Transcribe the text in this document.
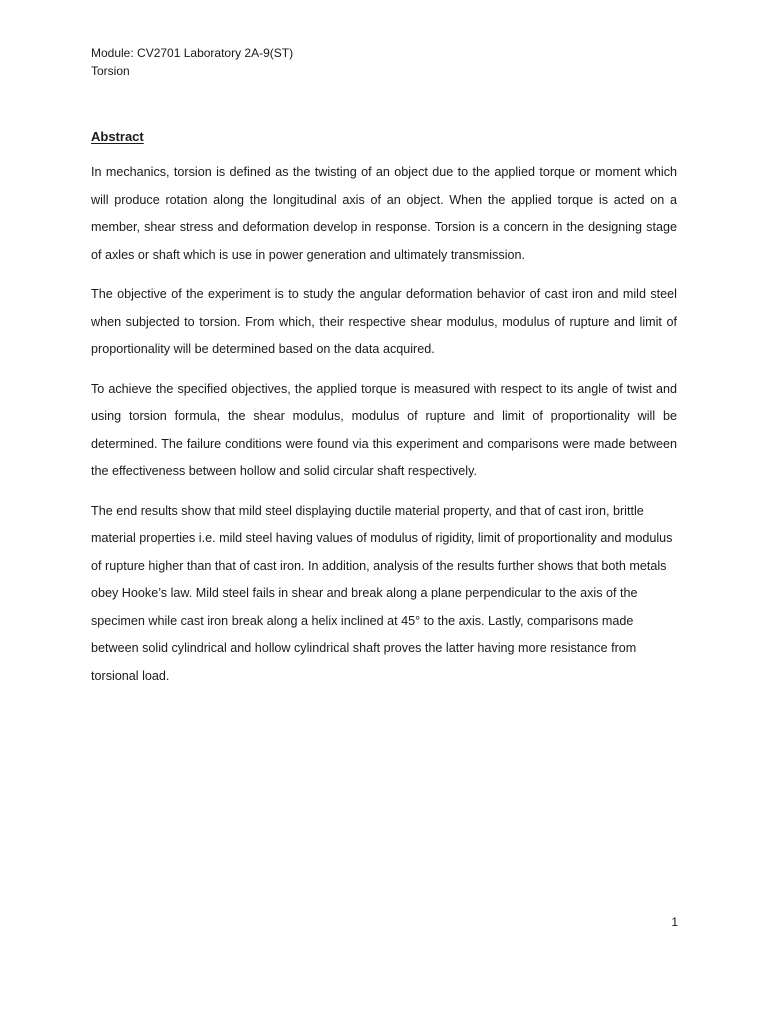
Module: CV2701 Laboratory 2A-9(ST)
Torsion
Abstract

In mechanics, torsion is defined as the twisting of an object due to the applied torque or moment which will produce rotation along the longitudinal axis of an object. When the applied torque is acted on a member, shear stress and deformation develop in response. Torsion is a concern in the designing stage of axles or shaft which is use in power generation and ultimately transmission.

The objective of the experiment is to study the angular deformation behavior of cast iron and mild steel when subjected to torsion. From which, their respective shear modulus, modulus of rupture and limit of proportionality will be determined based on the data acquired.

To achieve the specified objectives, the applied torque is measured with respect to its angle of twist and using torsion formula, the shear modulus, modulus of rupture and limit of proportionality will be determined. The failure conditions were found via this experiment and comparisons were made between the effectiveness between hollow and solid circular shaft respectively.

The end results show that mild steel displaying ductile material property, and that of cast iron, brittle material properties i.e. mild steel having values of modulus of rigidity, limit of proportionality and modulus of rupture higher than that of cast iron. In addition, analysis of the results further shows that both metals obey Hooke’s law. Mild steel fails in shear and break along a plane perpendicular to the axis of the specimen while cast iron break along a helix inclined at 45° to the axis. Lastly, comparisons made between solid cylindrical and hollow cylindrical shaft proves the latter having more resistance from torsional load.

1
